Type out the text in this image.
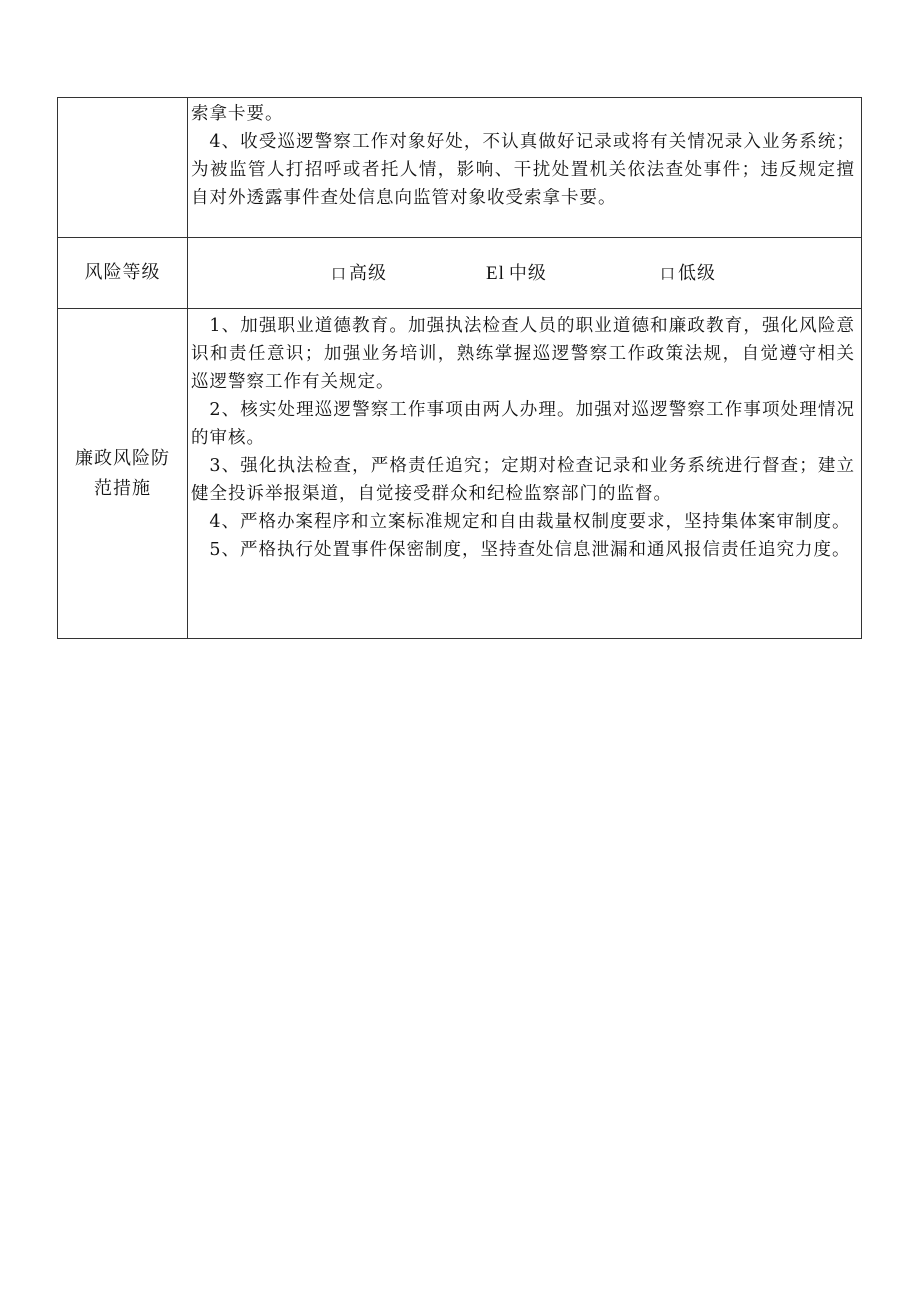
	索拿卡要。

4、收受巡逻警察工作对象好处，不认真做好记录或将有关情况录入业务系统；为被监管人打招呼或者托人情，影响、干扰处置机关依法查处事件；违反规定擅自对外透露事件查处信息向监管对象收受索拿卡要。

风险等级	口 高级 El 中级 口 低级

廉政风险防范措施	1、加强职业道德教育。加强执法检查人员的职业道德和廉政教育，强化风险意识和责任意识；加强业务培训，熟练掌握巡逻警察工作政策法规，自觉遵守相关巡逻警察工作有关规定。

2、核实处理巡逻警察工作事项由两人办理。加强对巡逻警察工作事项处理情况的审核。

3、强化执法检查，严格责任追究；定期对检查记录和业务系统进行督查；建立健全投诉举报渠道，自觉接受群众和纪检监察部门的监督。

4、严格办案程序和立案标准规定和自由裁量权制度要求，坚持集体案审制度。

5、严格执行处置事件保密制度，坚持查处信息泄漏和通风报信责任追究力度。
